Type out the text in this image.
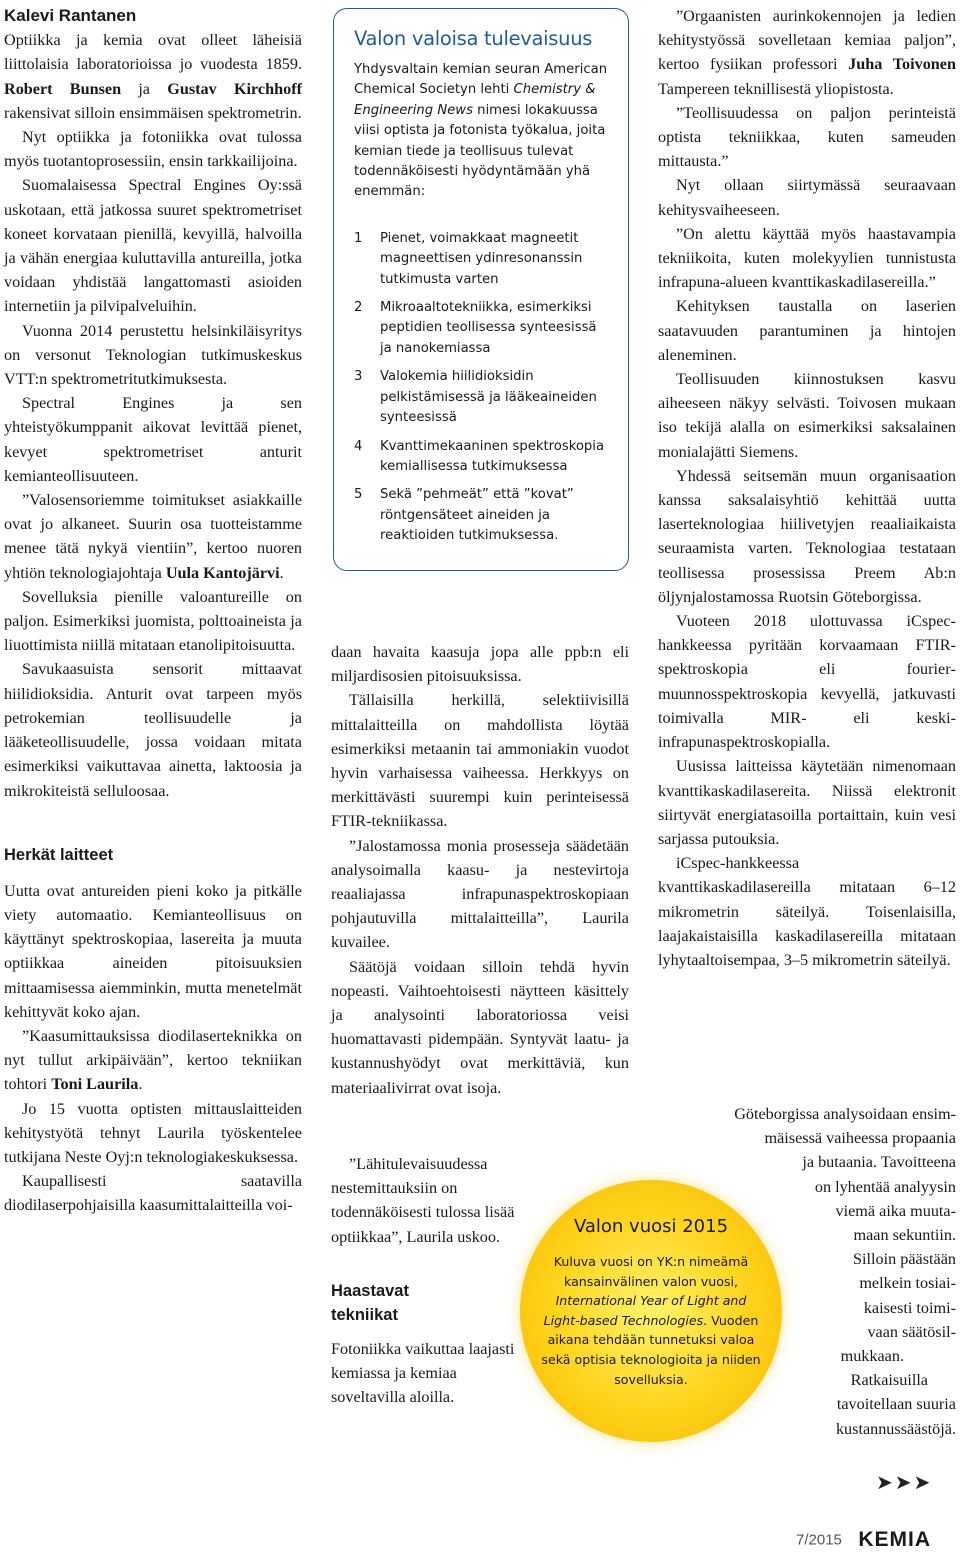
Kalevi Rantanen

Optiikka ja kemia ovat olleet läheisiä liittolaisia laboratorioissa jo vuodesta 1859. Robert Bunsen ja Gustav Kirchhoff rakensivat silloin ensimmäisen spektrometrin.

Nyt optiikka ja fotoniikka ovat tulossa myös tuotantoprosessiin, ensin tarkkailijoina.

Suomalaisessa Spectral Engines Oy:ssä uskotaan, että jatkossa suuret spektrometriset koneet korvataan pienillä, kevyillä, halvoilla ja vähän energiaa kuluttavilla antureilla, jotka voidaan yhdistää langattomasti asioiden internetiin ja pilvipalveluihin.

Vuonna 2014 perustettu helsinkiläisyritys on versonut Teknologian tutkimuskeskus VTT:n spektrometritutkimuksesta.

Spectral Engines ja sen yhteistyökumppanit aikovat levittää pienet, kevyet spektrometriset anturit kemianteollisuuteen.

”Valosensoriemme toimitukset asiakkaille ovat jo alkaneet. Suurin osa tuotteistamme menee tätä nykyä vientiin”, kertoo nuoren yhtiön teknologiajohtaja Uula Kantojärvi.

Sovelluksia pienille valoantureille on paljon. Esimerkiksi juomista, polttoaineista ja liuottimista niillä mitataan etanolipitoisuutta.

Savukaasuista sensorit mittaavat hiilidioksidia. Anturit ovat tarpeen myös petrokemian teollisuudelle ja lääketeollisuudelle, jossa voidaan mitata esimerkiksi vaikuttavaa ainetta, laktoosia ja mikrokiteistä selluloosaa.

Herkät laitteet

Uutta ovat antureiden pieni koko ja pitkälle viety automaatio. Kemianteollisuus on käyttänyt spektroskopiaa, lasereita ja muuta optiikkaa aineiden pitoisuuksien mittaamisessa aiemminkin, mutta menetelmät kehittyvät koko ajan.

”Kaasumittauksissa diodilaserteknikka on nyt tullut arkipäivään”, kertoo tekniikan tohtori Toni Laurila.

Jo 15 vuotta optisten mittauslaitteiden kehitystyötä tehnyt Laurila työskentelee tutkijana Neste Oyj:n teknologiakeskuksessa.

Kaupallisesti saatavilla diodilaserpohjaisilla kaasumittalaitteilla voi-

Valon valoisa tulevaisuus

Yhdysvaltain kemian seuran American Chemical Societyn lehti Chemistry & Engineering News nimesi lokakuussa viisi optista ja fotonista työkalua, joita kemian tiede ja teollisuus tulevat todennäköisesti hyödyntämään yhä enemmän:

1 Pienet, voimakkaat magneetit magneettisen ydinresonanssin tutkimusta varten
2 Mikroaaltotekniikka, esimerkiksi peptidien teollisessa synteesissä ja nanokemiassa
3 Valokemia hiilidioksidin pelkistämisessä ja lääkeaineiden synteesissä
4 Kvanttimekaaninen spektroskopia kemiallisessa tutkimuksessa
5 Sekä ”pehmeät” että ”kovat” röntgensäteet aineiden ja reaktioiden tutkimuksessa.

daan havaita kaasuja jopa alle ppb:n eli miljardisosien pitoisuuksissa.

Tällaisilla herkillä, selektiivisillä mittalaitteilla on mahdollista löytää esimerkiksi metaanin tai ammoniakin vuodot hyvin varhaisessa vaiheessa. Herkkyys on merkittävästi suurempi kuin perinteisessä FTIR-tekniikassa.

”Jalostamossa monia prosesseja säädetään analysoimalla kaasu- ja nestevirtoja reaaliajassa infrapunaspektroskopiaan pohjautuvilla mittalaitteilla”, Laurila kuvailee.

Säätöjä voidaan silloin tehdä hyvin nopeasti. Vaihtoehtoisesti näytteen käsittely ja analysointi laboratoriossa veisi huomattavasti pidempään. Syntyvät laatu- ja kustannushyödyt ovat merkittäviä, kun materiaalivirrat ovat isoja.

”Lähitulevaisuudessa nestemittauksiin on todennäköisesti tulossa lisää optiikkaa”, Laurila uskoo.

Haastavat tekniikat

Fotoniikka vaikuttaa laajasti kemiassa ja kemiaa soveltavilla aloilla.

Valon vuosi 2015

Kuluva vuosi on YK:n nimeämä kansainvälinen valon vuosi, International Year of Light and Light-based Technologies. Vuoden aikana tehdään tunnetuksi valoa sekä optisia teknologioita ja niiden sovelluksia.

”Orgaanisten aurinkokennojen ja ledien kehitystyössä sovelletaan kemiaa paljon”, kertoo fysiikan professori Juha Toivonen Tampereen teknillisestä yliopistosta.

”Teollisuudessa on paljon perinteistä optista tekniikkaa, kuten sameuden mittausta.”

Nyt ollaan siirtymässä seuraavaan kehitysvaiheeseen.

”On alettu käyttää myös haastavampia tekniikoita, kuten molekyylien tunnistusta infrapuna-alueen kvanttikaskadilasereilla.”

Kehityksen taustalla on laserien saatavuuden parantuminen ja hintojen aleneminen.

Teollisuuden kiinnostuksen kasvu aiheeseen näkyy selvästi. Toivosen mukaan iso tekijä alalla on esimerkiksi saksalainen monialajätti Siemens.

Yhdessä seitsemän muun organisaation kanssa saksalaisyhtiö kehittää uutta laserteknologiaa hiilivetyjen reaaliaikaista seuraamista varten. Teknologiaa testataan teollisessa prosessissa Preem Ab:n öljynjalostamossa Ruotsin Göteborgissa.

Vuoteen 2018 ulottuvassa iCspec-hankkeessa pyritään korvaamaan FTIR-spektroskopia eli fouriermuunnosspektroskopia kevyellä, jatkuvasti toimivalla MIR- eli keski-infrapunaspektroskopialla.

Uusissa laitteissa käytetään nimenomaan kvanttikaskadilasereita. Niissä elektronit siirtyvät energiatasoilla portaittain, kuin vesi sarjassa putouksia.

iCspec-hankkeessa kvanttikaskadilasereilla mitataan 6–12 mikrometrin säteilyä. Toisenlaisilla, laajakaistaisilla kaskadilasereilla mitataan lyhytaaltoisempaa, 3–5 mikrometrin säteilyä.

Göteborgissa analysoidaan ensim-
mäisessä vaiheessa propaania
ja butaania. Tavoitteena
on lyhentää analyysin
viemä aika muuta-
maan sekuntiin.
Silloin päästään
melkein tosiai-
kaisesti toimi-
vaan säätösil-
mukkaan.
Ratkaisuilla
tavoitellaan suuria
kustannussäästöjä.
➤➤➤
7/2015 KEMIA
